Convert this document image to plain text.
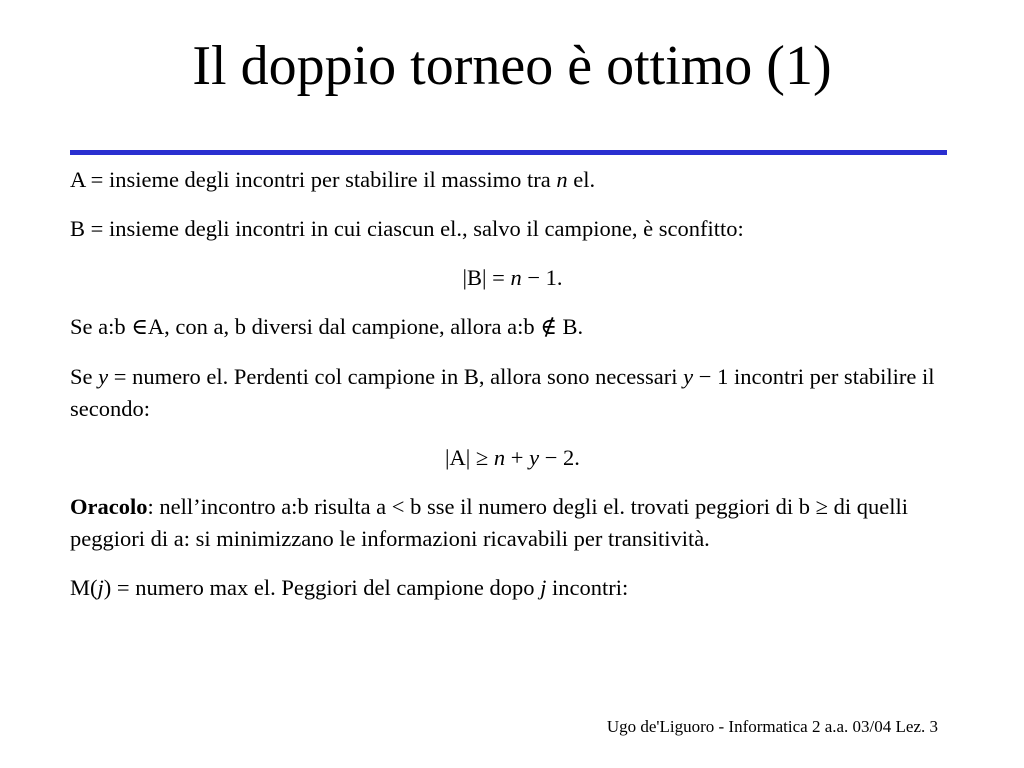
Il doppio torneo è ottimo (1)

A = insieme degli incontri per stabilire il massimo tra n el.

B = insieme degli incontri in cui ciascun el., salvo il campione, è sconfitto:

|B| = n − 1.

Se a:b ∈A, con a, b diversi dal campione, allora a:b ∉ B.

Se y = numero el. Perdenti col campione in B, allora sono necessari y − 1 incontri per stabilire il secondo:

|A| ≥ n + y − 2.

Oracolo: nell’incontro a:b risulta a < b sse il numero degli el. trovati peggiori di b ≥ di quelli peggiori di a: si minimizzano le informazioni ricavabili per transitività.

M(j) = numero max el. Peggiori del campione dopo j incontri:

Ugo de'Liguoro - Informatica 2 a.a. 03/04 Lez. 3
